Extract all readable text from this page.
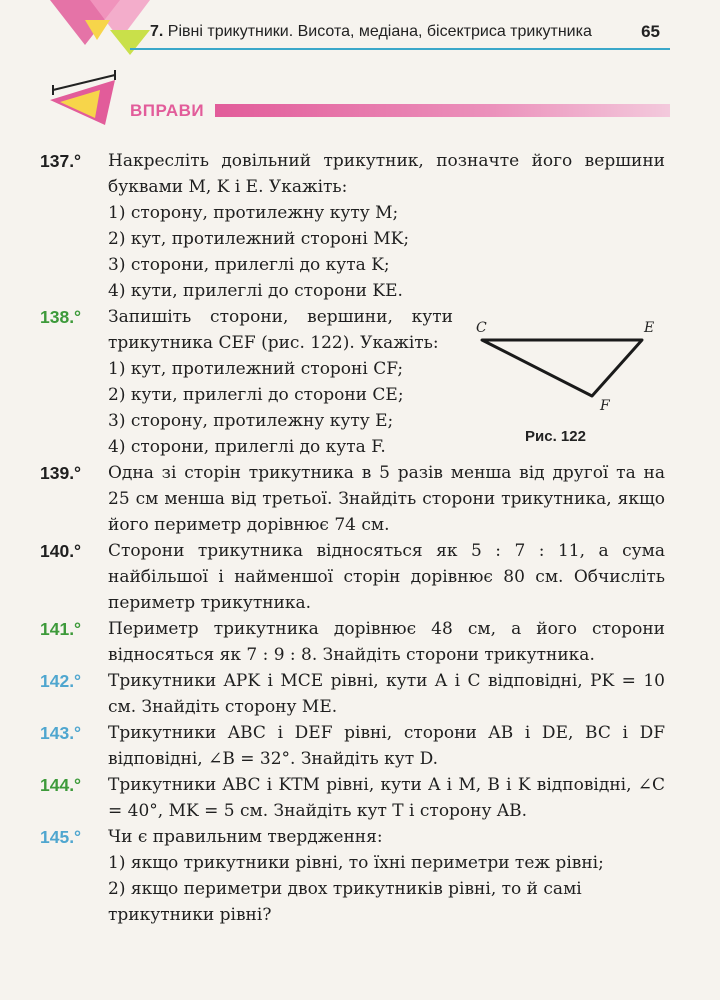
7. Рівні трикутники. Висота, медіана, бісектриса трикутника	65
ВПРАВИ
137.°	Накресліть довільний трикутник, позначте його вершини буквами M, K і E. Укажіть:
1) сторону, протилежну куту M;
2) кут, протилежний стороні MK;
3) сторони, прилеглі до кута K;
4) кути, прилеглі до сторони KE.
138.°	Запишіть сторони, вершини, кути трикутника CEF (рис. 122). Укажіть:
1) кут, протилежний стороні CF;
2) кути, прилеглі до сторони CE;
3) сторону, протилежну куту E;
4) сторони, прилеглі до кута F.
139.°	Одна зі сторін трикутника в 5 разів менша від другої та на 25 см менша від третьої. Знайдіть сторони трикутника, якщо його периметр дорівнює 74 см.
140.°	Сторони трикутника відносяться як 5 : 7 : 11, а сума найбільшої і найменшої сторін дорівнює 80 см. Обчисліть периметр трикутника.
141.°	Периметр трикутника дорівнює 48 см, а його сторони відносяться як 7 : 9 : 8. Знайдіть сторони трикутника.
142.°	Трикутники APK і MCE рівні, кути A і C відповідні, PK = 10 см. Знайдіть сторону ME.
143.°	Трикутники ABC і DEF рівні, сторони AB і DE, BC і DF відповідні, ∠B = 32°. Знайдіть кут D.
144.°	Трикутники ABC і KTM рівні, кути A і M, B і K відповідні, ∠C = 40°, MK = 5 см. Знайдіть кут T і сторону AB.
145.°	Чи є правильним твердження:
1) якщо трикутники рівні, то їхні периметри теж рівні;
2) якщо периметри двох трикутників рівні, то й самі трикутники рівні?
C	E
F
Рис. 122
